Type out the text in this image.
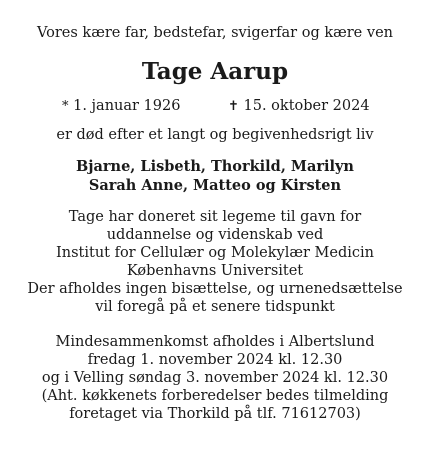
Vores kære far, bedstefar, svigerfar og kære ven
Tage Aarup
* 1. januar 1926	✝ 15. oktober 2024
er død efter et langt og begivenhedsrigt liv
Bjarne, Lisbeth, Thorkild, Marilyn
Sarah Anne, Matteo og Kirsten
Tage har doneret sit legeme til gavn for
uddannelse og videnskab ved
Institut for Cellulær og Molekylær Medicin
Københavns Universitet
Der afholdes ingen bisættelse, og urnenedsættelse
vil foregå på et senere tidspunkt
Mindesammenkomst afholdes i Albertslund
fredag 1. november 2024 kl. 12.30
og i Velling søndag 3. november 2024 kl. 12.30
(Aht. køkkenets forberedelser bedes tilmelding
foretaget via Thorkild på tlf. 71612703)
